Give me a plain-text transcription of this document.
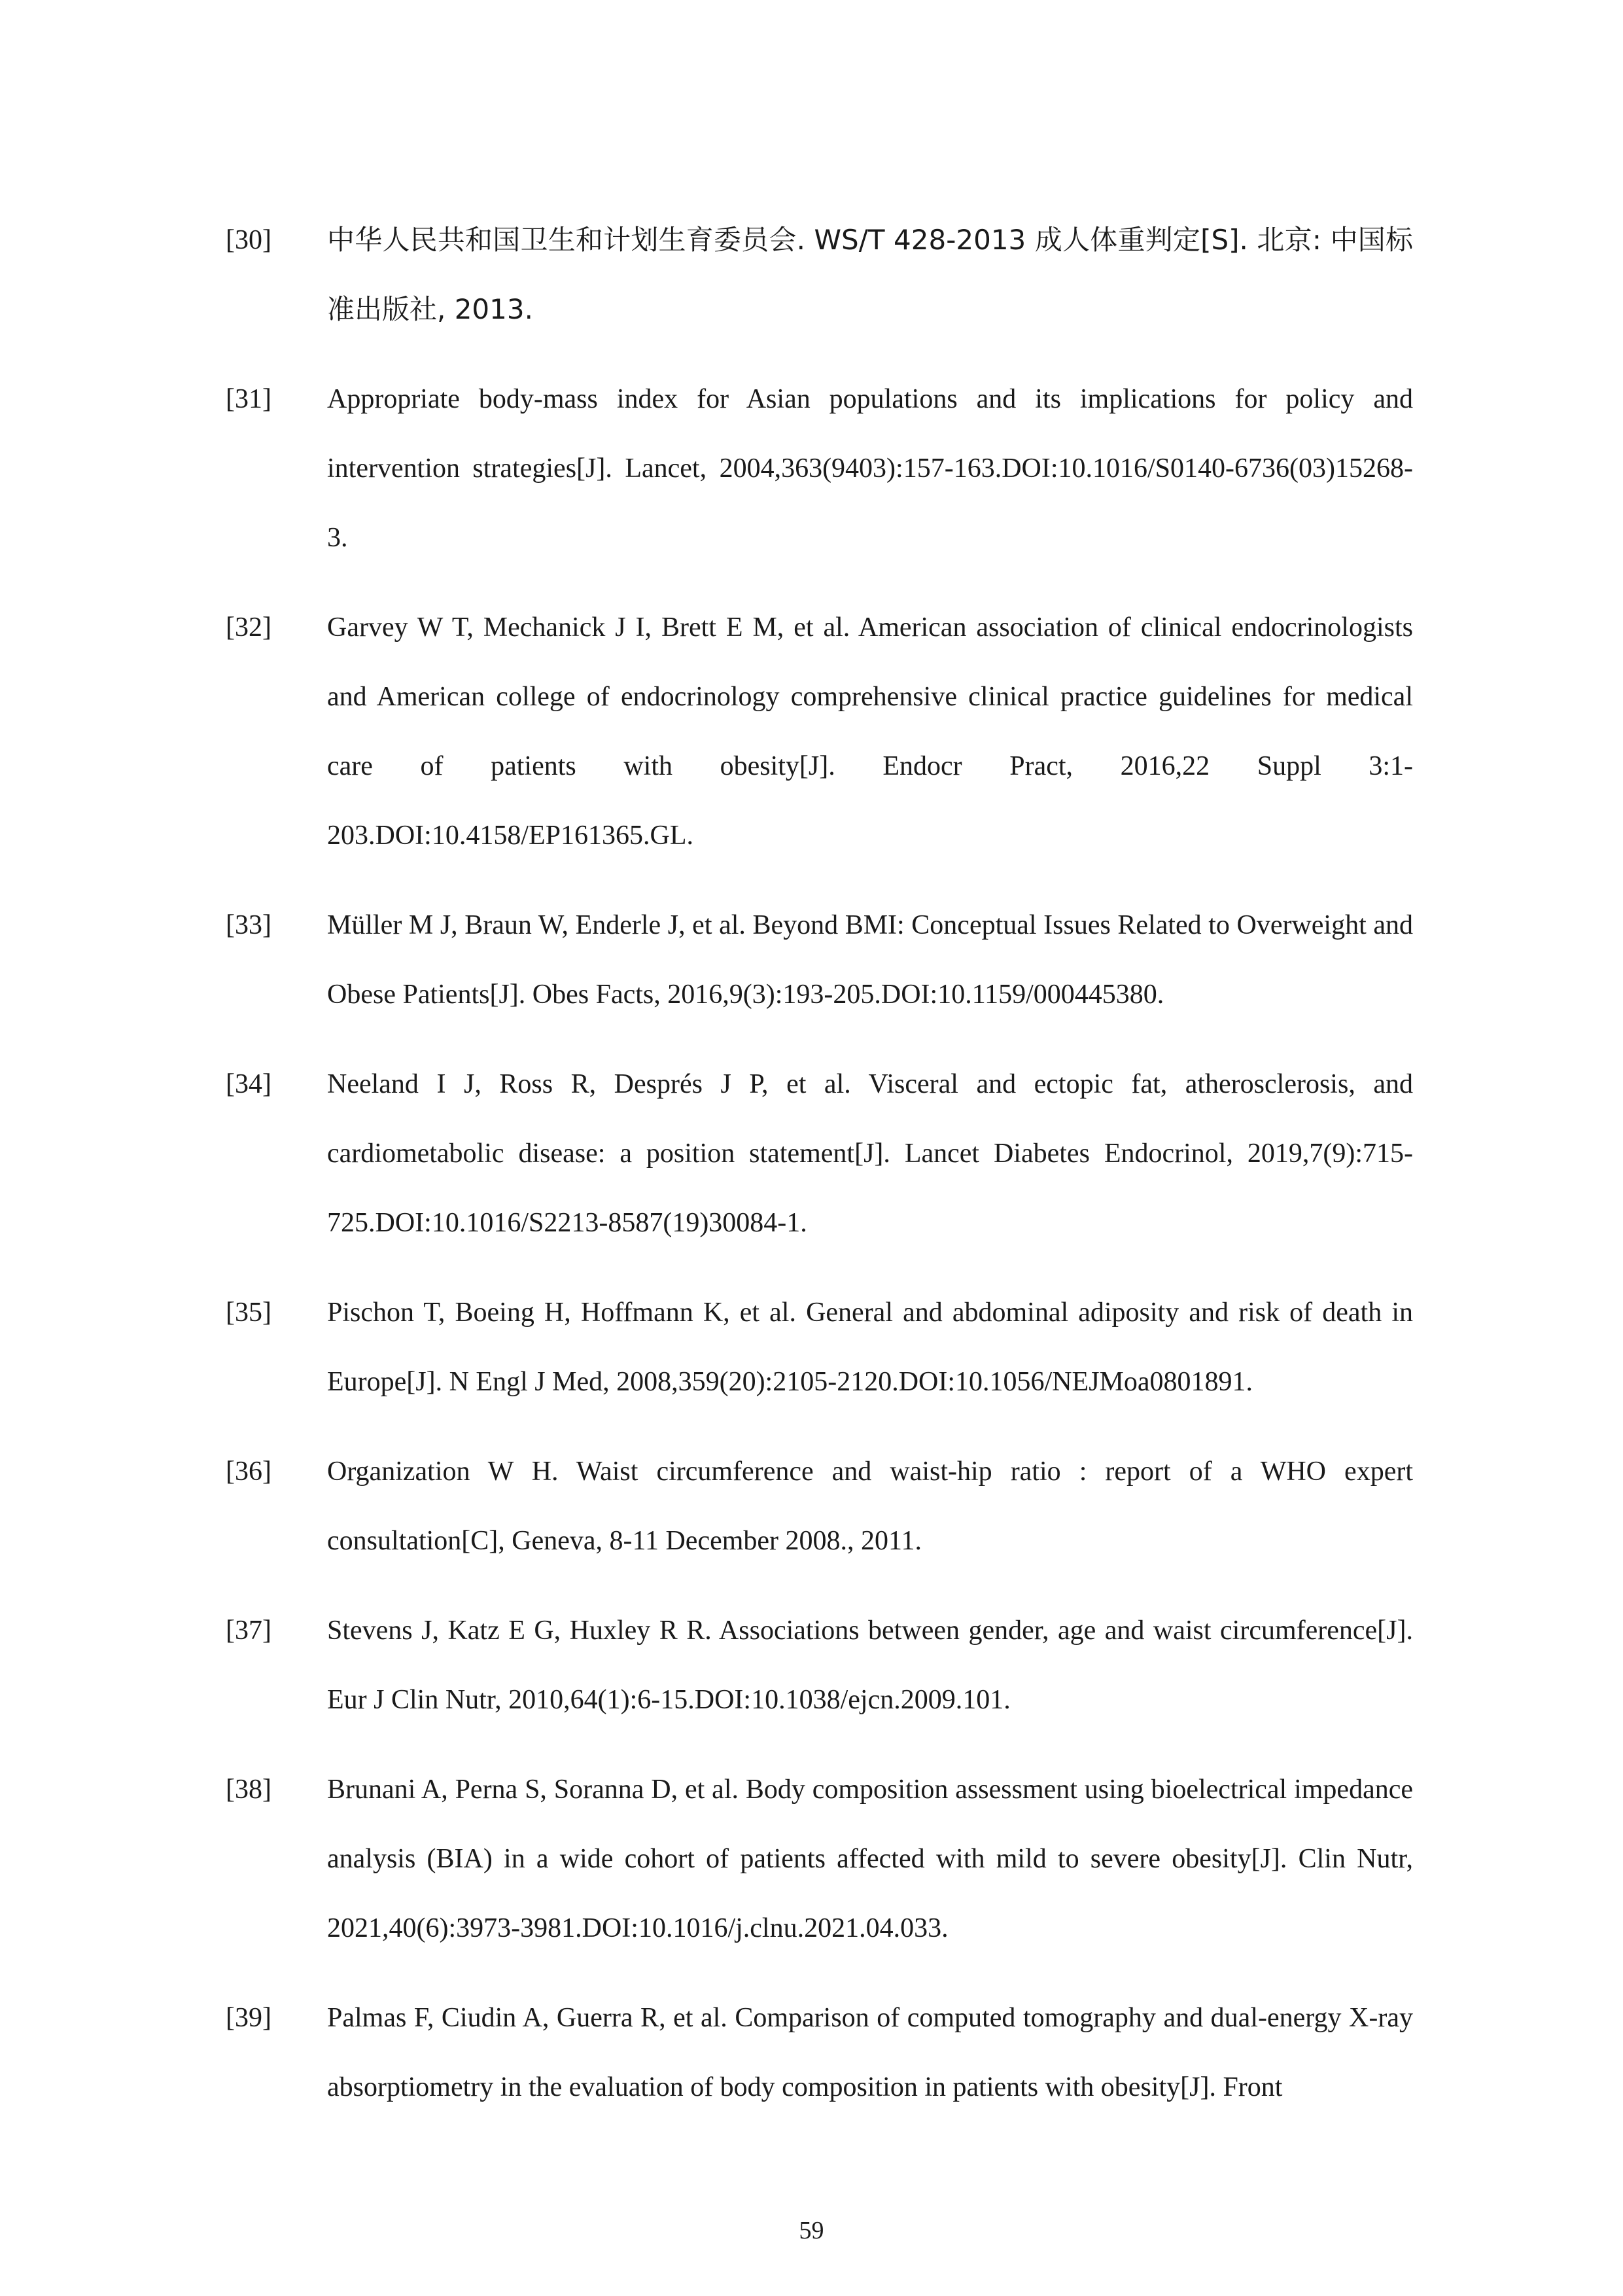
[30]	中华人民共和国卫生和计划生育委员会. WS/T 428-2013 成人体重判定[S]. 北京: 中国标准出版社, 2013.
[31]	Appropriate body-mass index for Asian populations and its implications for policy and intervention strategies[J]. Lancet, 2004,363(9403):157-163.DOI:10.1016/S0140-6736(03)15268-3.
[32]	Garvey W T, Mechanick J I, Brett E M, et al. American association of clinical endocrinologists and American college of endocrinology comprehensive clinical practice guidelines for medical care of patients with obesity[J]. Endocr Pract, 2016,22 Suppl 3:1-203.DOI:10.4158/EP161365.GL.
[33]	Müller M J, Braun W, Enderle J, et al. Beyond BMI: Conceptual Issues Related to Overweight and Obese Patients[J]. Obes Facts, 2016,9(3):193-205.DOI:10.1159/000445380.
[34]	Neeland I J, Ross R, Després J P, et al. Visceral and ectopic fat, atherosclerosis, and cardiometabolic disease: a position statement[J]. Lancet Diabetes Endocrinol, 2019,7(9):715-725.DOI:10.1016/S2213-8587(19)30084-1.
[35]	Pischon T, Boeing H, Hoffmann K, et al. General and abdominal adiposity and risk of death in Europe[J]. N Engl J Med, 2008,359(20):2105-2120.DOI:10.1056/NEJMoa0801891.
[36]	Organization W H. Waist circumference and waist-hip ratio : report of a WHO expert consultation[C], Geneva, 8-11 December 2008., 2011.
[37]	Stevens J, Katz E G, Huxley R R. Associations between gender, age and waist circumference[J]. Eur J Clin Nutr, 2010,64(1):6-15.DOI:10.1038/ejcn.2009.101.
[38]	Brunani A, Perna S, Soranna D, et al. Body composition assessment using bioelectrical impedance analysis (BIA) in a wide cohort of patients affected with mild to severe obesity[J]. Clin Nutr, 2021,40(6):3973-3981.DOI:10.1016/j.clnu.2021.04.033.
[39]	Palmas F, Ciudin A, Guerra R, et al. Comparison of computed tomography and dual-energy X-ray absorptiometry in the evaluation of body composition in patients with obesity[J]. Front
59
